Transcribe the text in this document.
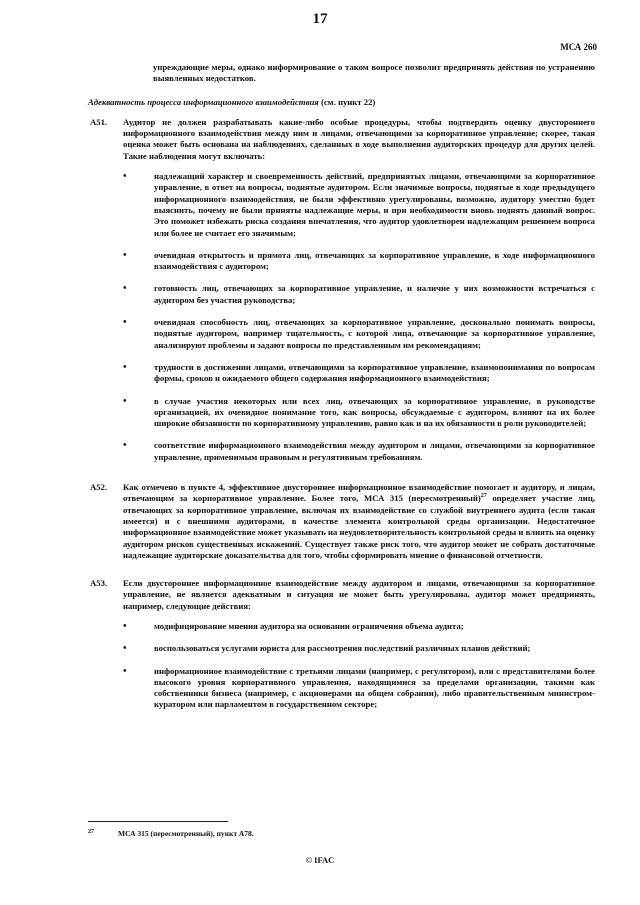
17
МСА 260

упреждающие меры, однако информирование о таком вопросе позволит предпринять действия по устранению выявленных недостатков.

Адекватность процесса информационного взаимодействия (см. пункт 22)

A51.	Аудитор не должен разрабатывать какие-либо особые процедуры, чтобы подтвердить оценку двустороннего информационного взаимодействия между ним и лицами, отвечающими за корпоративное управление; скорее, такая оценка может быть основана на наблюдениях, сделанных в ходе выполнения аудиторских процедур для других целей. Такие наблюдения могут включать:

•	надлежащий характер и своевременность действий, предпринятых лицами, отвечающими за корпоративное управление, в ответ на вопросы, поднятые аудитором. Если значимые вопросы, поднятые в ходе предыдущего информационного взаимодействия, не были эффективно урегулированы, возможно, аудитору уместно будет выяснить, почему не были приняты надлежащие меры, и при необходимости вновь поднять данный вопрос. Это поможет избежать риска создания впечатления, что аудитор удовлетворен надлежащим решением вопроса или более не считает его значимым;

•	очевидная открытость и прямота лиц, отвечающих за корпоративное управление, в ходе информационного взаимодействия с аудитором;

•	готовность лиц, отвечающих за корпоративное управление, и наличие у них возможности встречаться с аудитором без участия руководства;

•	очевидная способность лиц, отвечающих за корпоративное управление, досконально понимать вопросы, поднятые аудитором, например тщательность, с которой лица, отвечающие за корпоративное управление, анализируют проблемы и задают вопросы по представленным им рекомендациям;

•	трудности в достижении лицами, отвечающими за корпоративное управление, взаимопонимания по вопросам формы, сроков и ожидаемого общего содержания информационного взаимодействия;

•	в случае участия некоторых или всех лиц, отвечающих за корпоративное управление, в руководстве организацией, их очевидное понимание того, как вопросы, обсуждаемые с аудитором, влияют на их более широкие обязанности по корпоративному управлению, равно как и на их обязанности в роли руководителей;

•	соответствие информационного взаимодействия между аудитором и лицами, отвечающими за корпоративное управление, применимым правовым и регулятивным требованиям.

A52.	Как отмечено в пункте 4, эффективное двустороннее информационное взаимодействие помогает и аудитору, и лицам, отвечающим за корпоративное управление. Более того, МСА 315 (пересмотренный)$^{27}$ определяет участие лиц, отвечающих за корпоративное управление, включая их взаимодействие со службой внутреннего аудита (если такая имеется) и с внешними аудиторами, в качестве элемента контрольной среды организации. Недостаточное информационное взаимодействие может указывать на неудовлетворительность контрольной среды и влиять на оценку аудитором рисков существенных искажений. Существует также риск того, что аудитор может не собрать достаточные надлежащие аудиторские доказательства для того, чтобы сформировать мнение о финансовой отчетности.

A53.	Если двустороннее информационное взаимодействие между аудитором и лицами, отвечающими за корпоративное управление, не является адекватным и ситуация не может быть урегулирована, аудитор может предпринять, например, следующие действия:

•	модифицирование мнения аудитора на основании ограничения объема аудита;

•	воспользоваться услугами юриста для рассмотрения последствий различных планов действий;

•	информационное взаимодействие с третьими лицами (например, с регулятором), или с представителями более высокого уровня корпоративного управления, находящимися за пределами организации, такими как собственники бизнеса (например, с акционерами на общем собрании), либо правительственным министром-куратором или парламентом в государственном секторе;

27	МСА 315 (пересмотренный), пункт A78.
© IFAC
